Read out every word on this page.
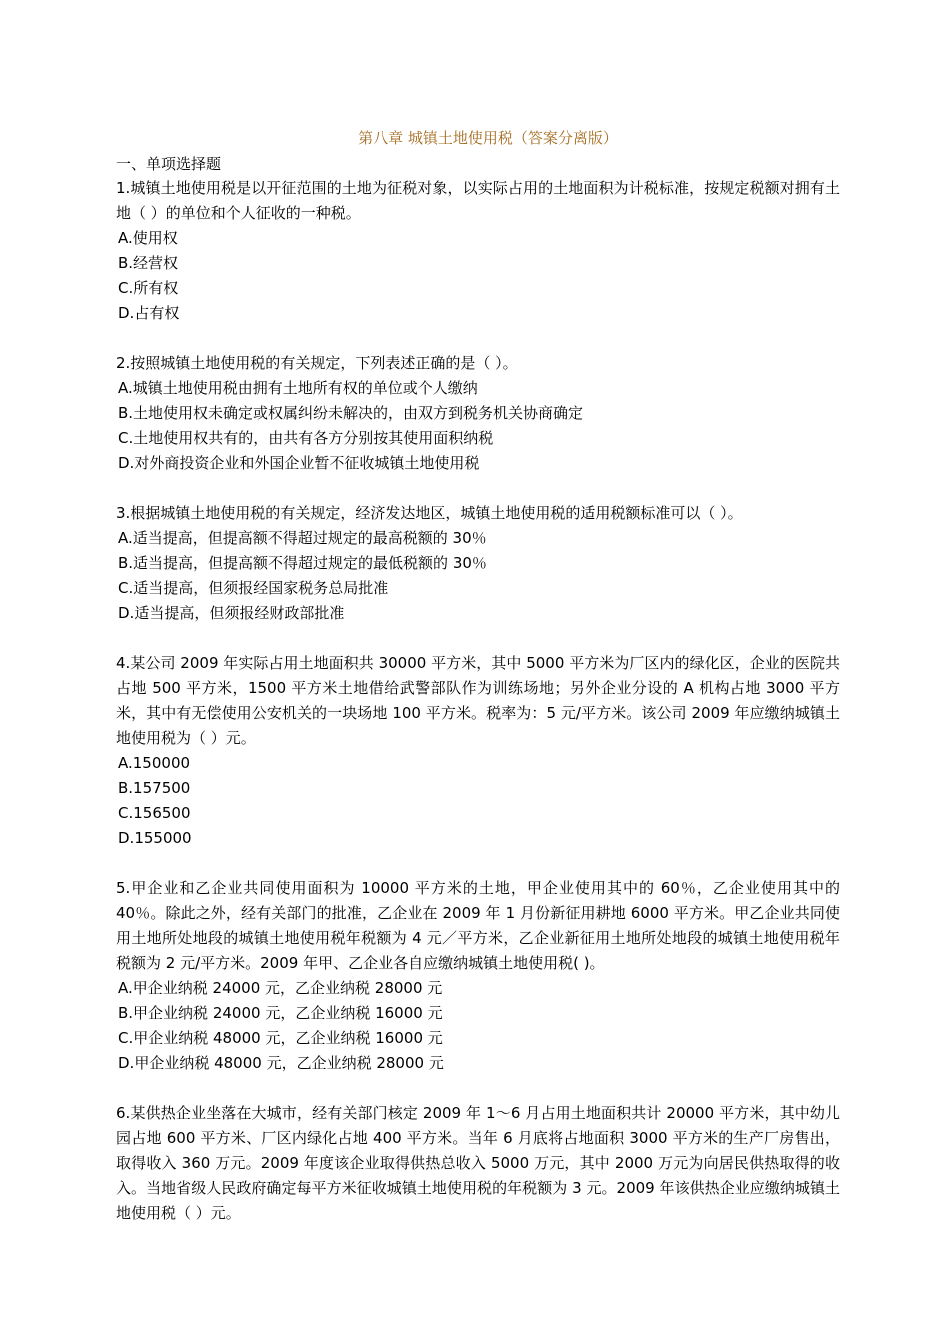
第八章 城镇土地使用税（答案分离版）
一、单项选择题

1.城镇土地使用税是以开征范围的土地为征税对象，以实际占用的土地面积为计税标准，按规定税额对拥有土地（ ）的单位和个人征收的一种税。

A.使用权

B.经营权

C.所有权

D.占有权

2.按照城镇土地使用税的有关规定，下列表述正确的是（ ）。

A.城镇土地使用税由拥有土地所有权的单位或个人缴纳

B.土地使用权未确定或权属纠纷未解决的，由双方到税务机关协商确定

C.土地使用权共有的，由共有各方分别按其使用面积纳税

D.对外商投资企业和外国企业暂不征收城镇土地使用税

3.根据城镇土地使用税的有关规定，经济发达地区，城镇土地使用税的适用税额标准可以（ ）。

A.适当提高，但提高额不得超过规定的最高税额的 30％

B.适当提高，但提高额不得超过规定的最低税额的 30％

C.适当提高，但须报经国家税务总局批准

D.适当提高，但须报经财政部批准

4.某公司 2009 年实际占用土地面积共 30000 平方米，其中 5000 平方米为厂区内的绿化区，企业的医院共占地 500 平方米，1500 平方米土地借给武警部队作为训练场地；另外企业分设的 A 机构占地 3000 平方米，其中有无偿使用公安机关的一块场地 100 平方米。税率为：5 元/平方米。该公司 2009 年应缴纳城镇土地使用税为（ ）元。

A.150000

B.157500

C.156500

D.155000

5.甲企业和乙企业共同使用面积为 10000 平方米的土地，甲企业使用其中的 60％，乙企业使用其中的 40％。除此之外，经有关部门的批准，乙企业在 2009 年 1 月份新征用耕地 6000 平方米。甲乙企业共同使用土地所处地段的城镇土地使用税年税额为 4 元／平方米，乙企业新征用土地所处地段的城镇土地使用税年税额为 2 元/平方米。2009 年甲、乙企业各自应缴纳城镇土地使用税( )。

A.甲企业纳税 24000 元，乙企业纳税 28000 元

B.甲企业纳税 24000 元，乙企业纳税 16000 元

C.甲企业纳税 48000 元，乙企业纳税 16000 元

D.甲企业纳税 48000 元，乙企业纳税 28000 元

6.某供热企业坐落在大城市，经有关部门核定 2009 年 1～6 月占用土地面积共计 20000 平方米，其中幼儿园占地 600 平方米、厂区内绿化占地 400 平方米。当年 6 月底将占地面积 3000 平方米的生产厂房售出，取得收入 360 万元。2009 年度该企业取得供热总收入 5000 万元，其中 2000 万元为向居民供热取得的收入。当地省级人民政府确定每平方米征收城镇土地使用税的年税额为 3 元。2009 年该供热企业应缴纳城镇土地使用税（ ）元。
